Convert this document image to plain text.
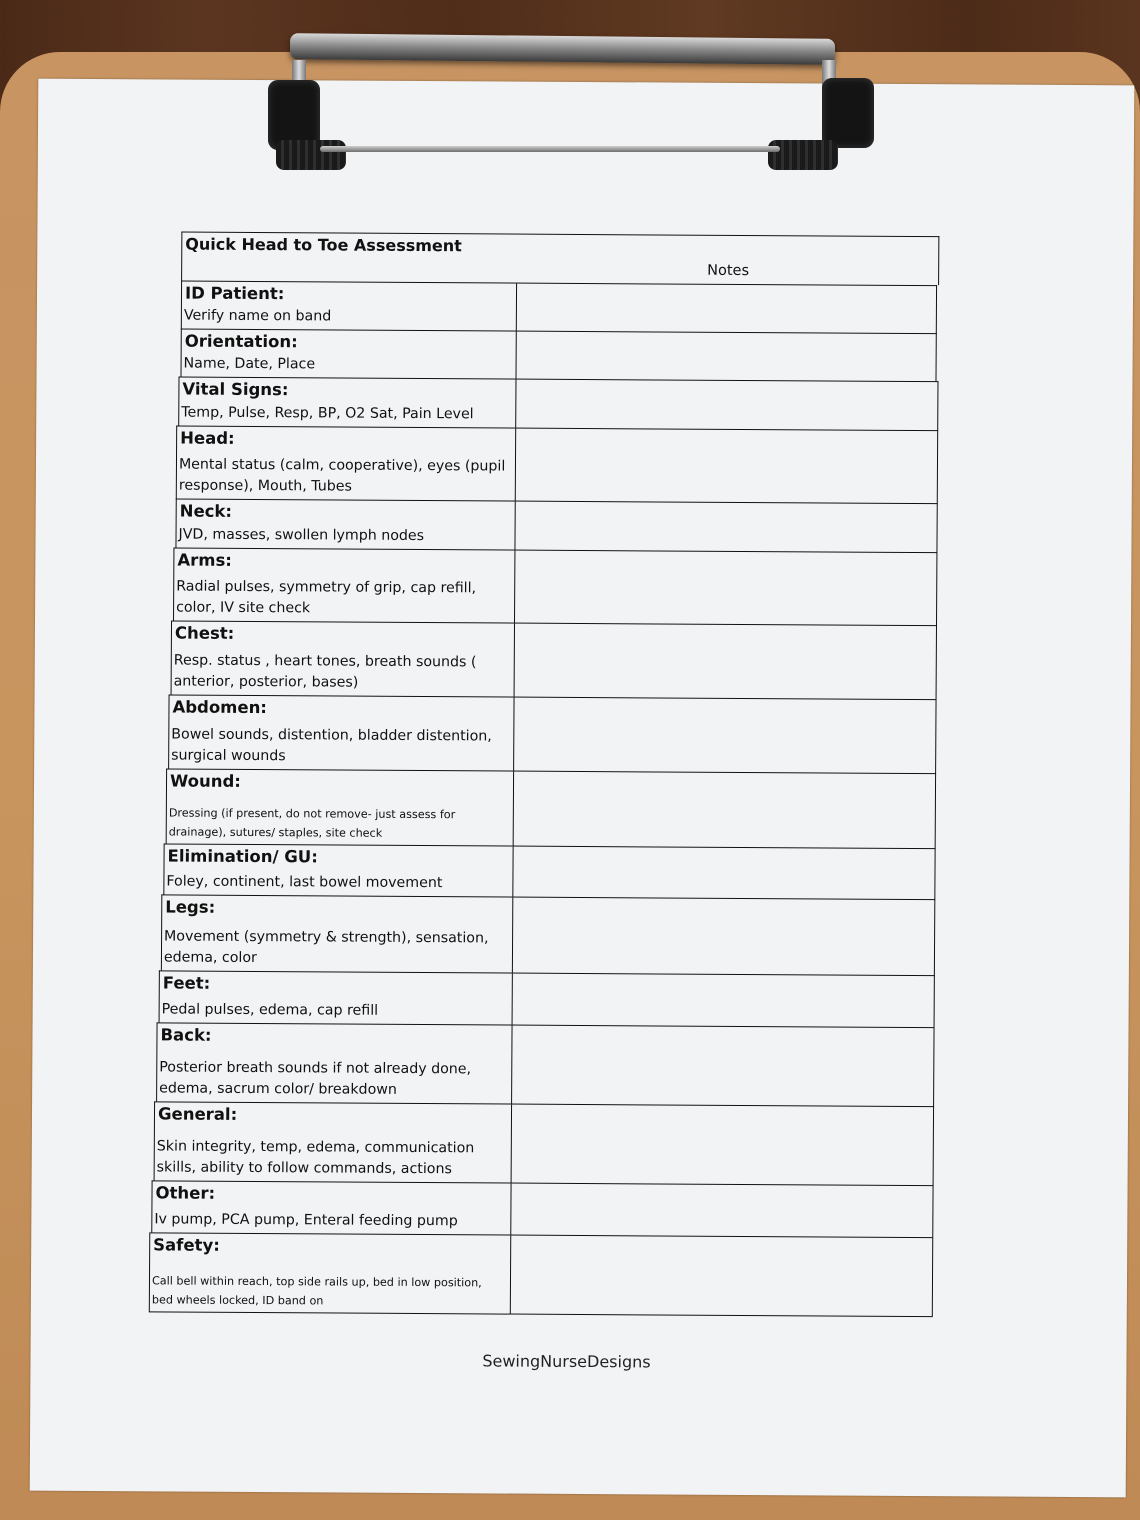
Quick Head to Toe Assessment
Notes
ID Patient:
Verify name on band
Orientation:
Name, Date, Place
Vital Signs:
Temp, Pulse, Resp, BP, O2 Sat, Pain Level
Head:
Mental status (calm, cooperative), eyes (pupil response), Mouth, Tubes
Neck:
JVD, masses, swollen lymph nodes
Arms:
Radial pulses, symmetry of grip, cap refill, color, IV site check
Chest:
Resp. status , heart tones, breath sounds ( anterior, posterior, bases)
Abdomen:
Bowel sounds, distention, bladder distention, surgical wounds
Wound:
Dressing (if present, do not remove- just assess for drainage), sutures/ staples, site check
Elimination/ GU:
Foley, continent, last bowel movement
Legs:
Movement (symmetry & strength), sensation, edema, color
Feet:
Pedal pulses, edema, cap refill
Back:
Posterior breath sounds if not already done, edema, sacrum color/ breakdown
General:
Skin integrity, temp, edema, communication skills, ability to follow commands, actions
Other:
Iv pump, PCA pump, Enteral feeding pump
Safety:
Call bell within reach, top side rails up, bed in low position, bed wheels locked, ID band on
SewingNurseDesigns
